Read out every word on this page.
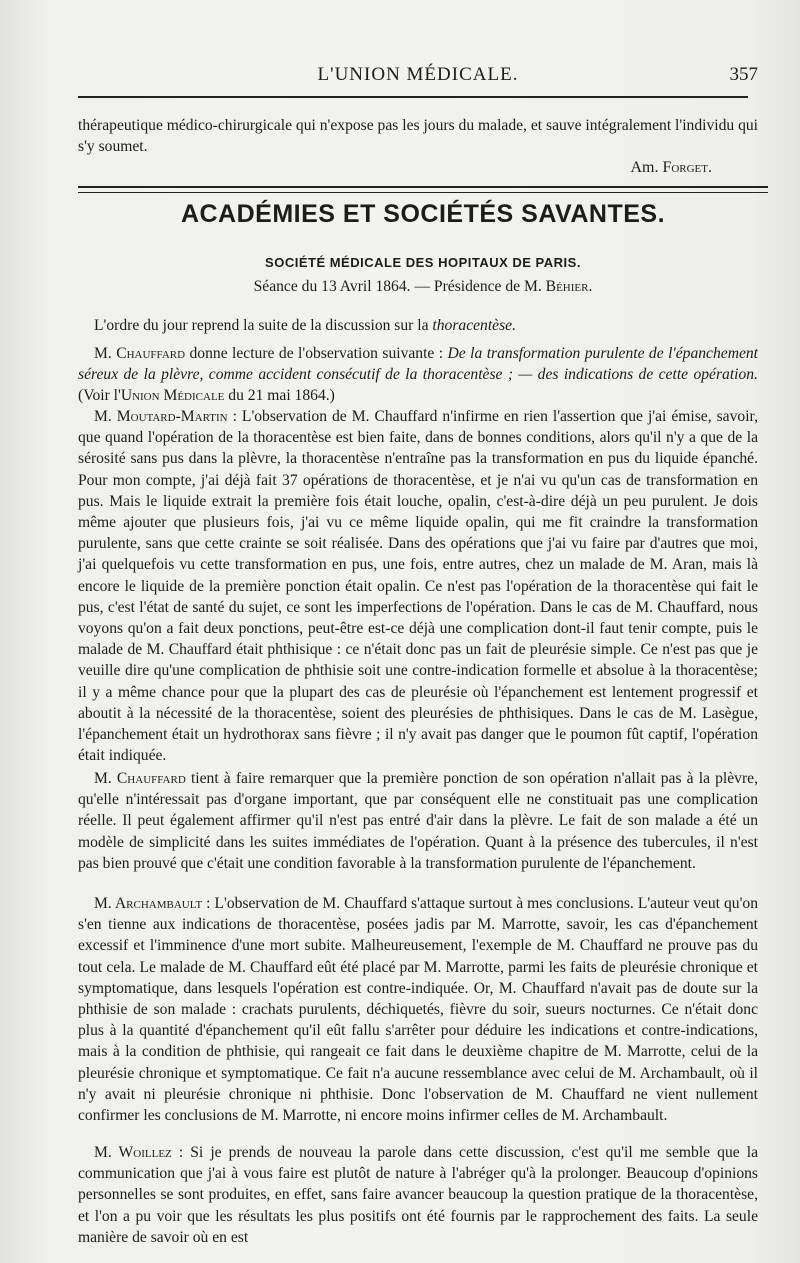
L'UNION MÉDICALE.	357

thérapeutique médico-chirurgicale qui n'expose pas les jours du malade, et sauve intégralement l'individu qui s'y soumet.

Am. Forget.
ACADÉMIES ET SOCIÉTÉS SAVANTES.
SOCIÉTÉ MÉDICALE DES HOPITAUX DE PARIS.
Séance du 13 Avril 1864. — Présidence de M. Béhier.

L'ordre du jour reprend la suite de la discussion sur la thoracentèse.

M. Chauffard donne lecture de l'observation suivante : De la transformation purulente de l'épanchement séreux de la plèvre, comme accident consécutif de la thoracentèse ; — des indications de cette opération. (Voir l'Union Médicale du 21 mai 1864.)

M. Moutard-Martin : L'observation de M. Chauffard n'infirme en rien l'assertion que j'ai émise, savoir, que quand l'opération de la thoracentèse est bien faite, dans de bonnes conditions, alors qu'il n'y a que de la sérosité sans pus dans la plèvre, la thoracentèse n'entraîne pas la transformation en pus du liquide épanché. Pour mon compte, j'ai déjà fait 37 opérations de thoracentèse, et je n'ai vu qu'un cas de transformation en pus. Mais le liquide extrait la première fois était louche, opalin, c'est-à-dire déjà un peu purulent. Je dois même ajouter que plusieurs fois, j'ai vu ce même liquide opalin, qui me fit craindre la transformation purulente, sans que cette crainte se soit réalisée. Dans des opérations que j'ai vu faire par d'autres que moi, j'ai quelquefois vu cette transformation en pus, une fois, entre autres, chez un malade de M. Aran, mais là encore le liquide de la première ponction était opalin. Ce n'est pas l'opération de la thoracentèse qui fait le pus, c'est l'état de santé du sujet, ce sont les imperfections de l'opération. Dans le cas de M. Chauffard, nous voyons qu'on a fait deux ponctions, peut-être est-ce déjà une complication dont-il faut tenir compte, puis le malade de M. Chauffard était phthisique : ce n'était donc pas un fait de pleurésie simple. Ce n'est pas que je veuille dire qu'une complication de phthisie soit une contre-indication formelle et absolue à la thoracentèse; il y a même chance pour que la plupart des cas de pleurésie où l'épanchement est lentement progressif et aboutit à la nécessité de la thoracentèse, soient des pleurésies de phthisiques. Dans le cas de M. Lasègue, l'épanchement était un hydrothorax sans fièvre ; il n'y avait pas danger que le poumon fût captif, l'opération était indiquée.

M. Chauffard tient à faire remarquer que la première ponction de son opération n'allait pas à la plèvre, qu'elle n'intéressait pas d'organe important, que par conséquent elle ne constituait pas une complication réelle. Il peut également affirmer qu'il n'est pas entré d'air dans la plèvre. Le fait de son malade a été un modèle de simplicité dans les suites immédiates de l'opération. Quant à la présence des tubercules, il n'est pas bien prouvé que c'était une condition favorable à la transformation purulente de l'épanchement.

M. Archambault : L'observation de M. Chauffard s'attaque surtout à mes conclusions. L'auteur veut qu'on s'en tienne aux indications de thoracentèse, posées jadis par M. Marrotte, savoir, les cas d'épanchement excessif et l'imminence d'une mort subite. Malheureusement, l'exemple de M. Chauffard ne prouve pas du tout cela. Le malade de M. Chauffard eût été placé par M. Marrotte, parmi les faits de pleurésie chronique et symptomatique, dans lesquels l'opération est contre-indiquée. Or, M. Chauffard n'avait pas de doute sur la phthisie de son malade : crachats purulents, déchiquetés, fièvre du soir, sueurs nocturnes. Ce n'était donc plus à la quantité d'épanchement qu'il eût fallu s'arrêter pour déduire les indications et contre-indications, mais à la condition de phthisie, qui rangeait ce fait dans le deuxième chapitre de M. Marrotte, celui de la pleurésie chronique et symptomatique. Ce fait n'a aucune ressemblance avec celui de M. Archambault, où il n'y avait ni pleurésie chronique ni phthisie. Donc l'observation de M. Chauffard ne vient nullement confirmer les conclusions de M. Marrotte, ni encore moins infirmer celles de M. Archambault.

M. Woillez : Si je prends de nouveau la parole dans cette discussion, c'est qu'il me semble que la communication que j'ai à vous faire est plutôt de nature à l'abréger qu'à la prolonger. Beaucoup d'opinions personnelles se sont produites, en effet, sans faire avancer beaucoup la question pratique de la thoracentèse, et l'on a pu voir que les résultats les plus positifs ont été fournis par le rapprochement des faits. La seule manière de savoir où en est
